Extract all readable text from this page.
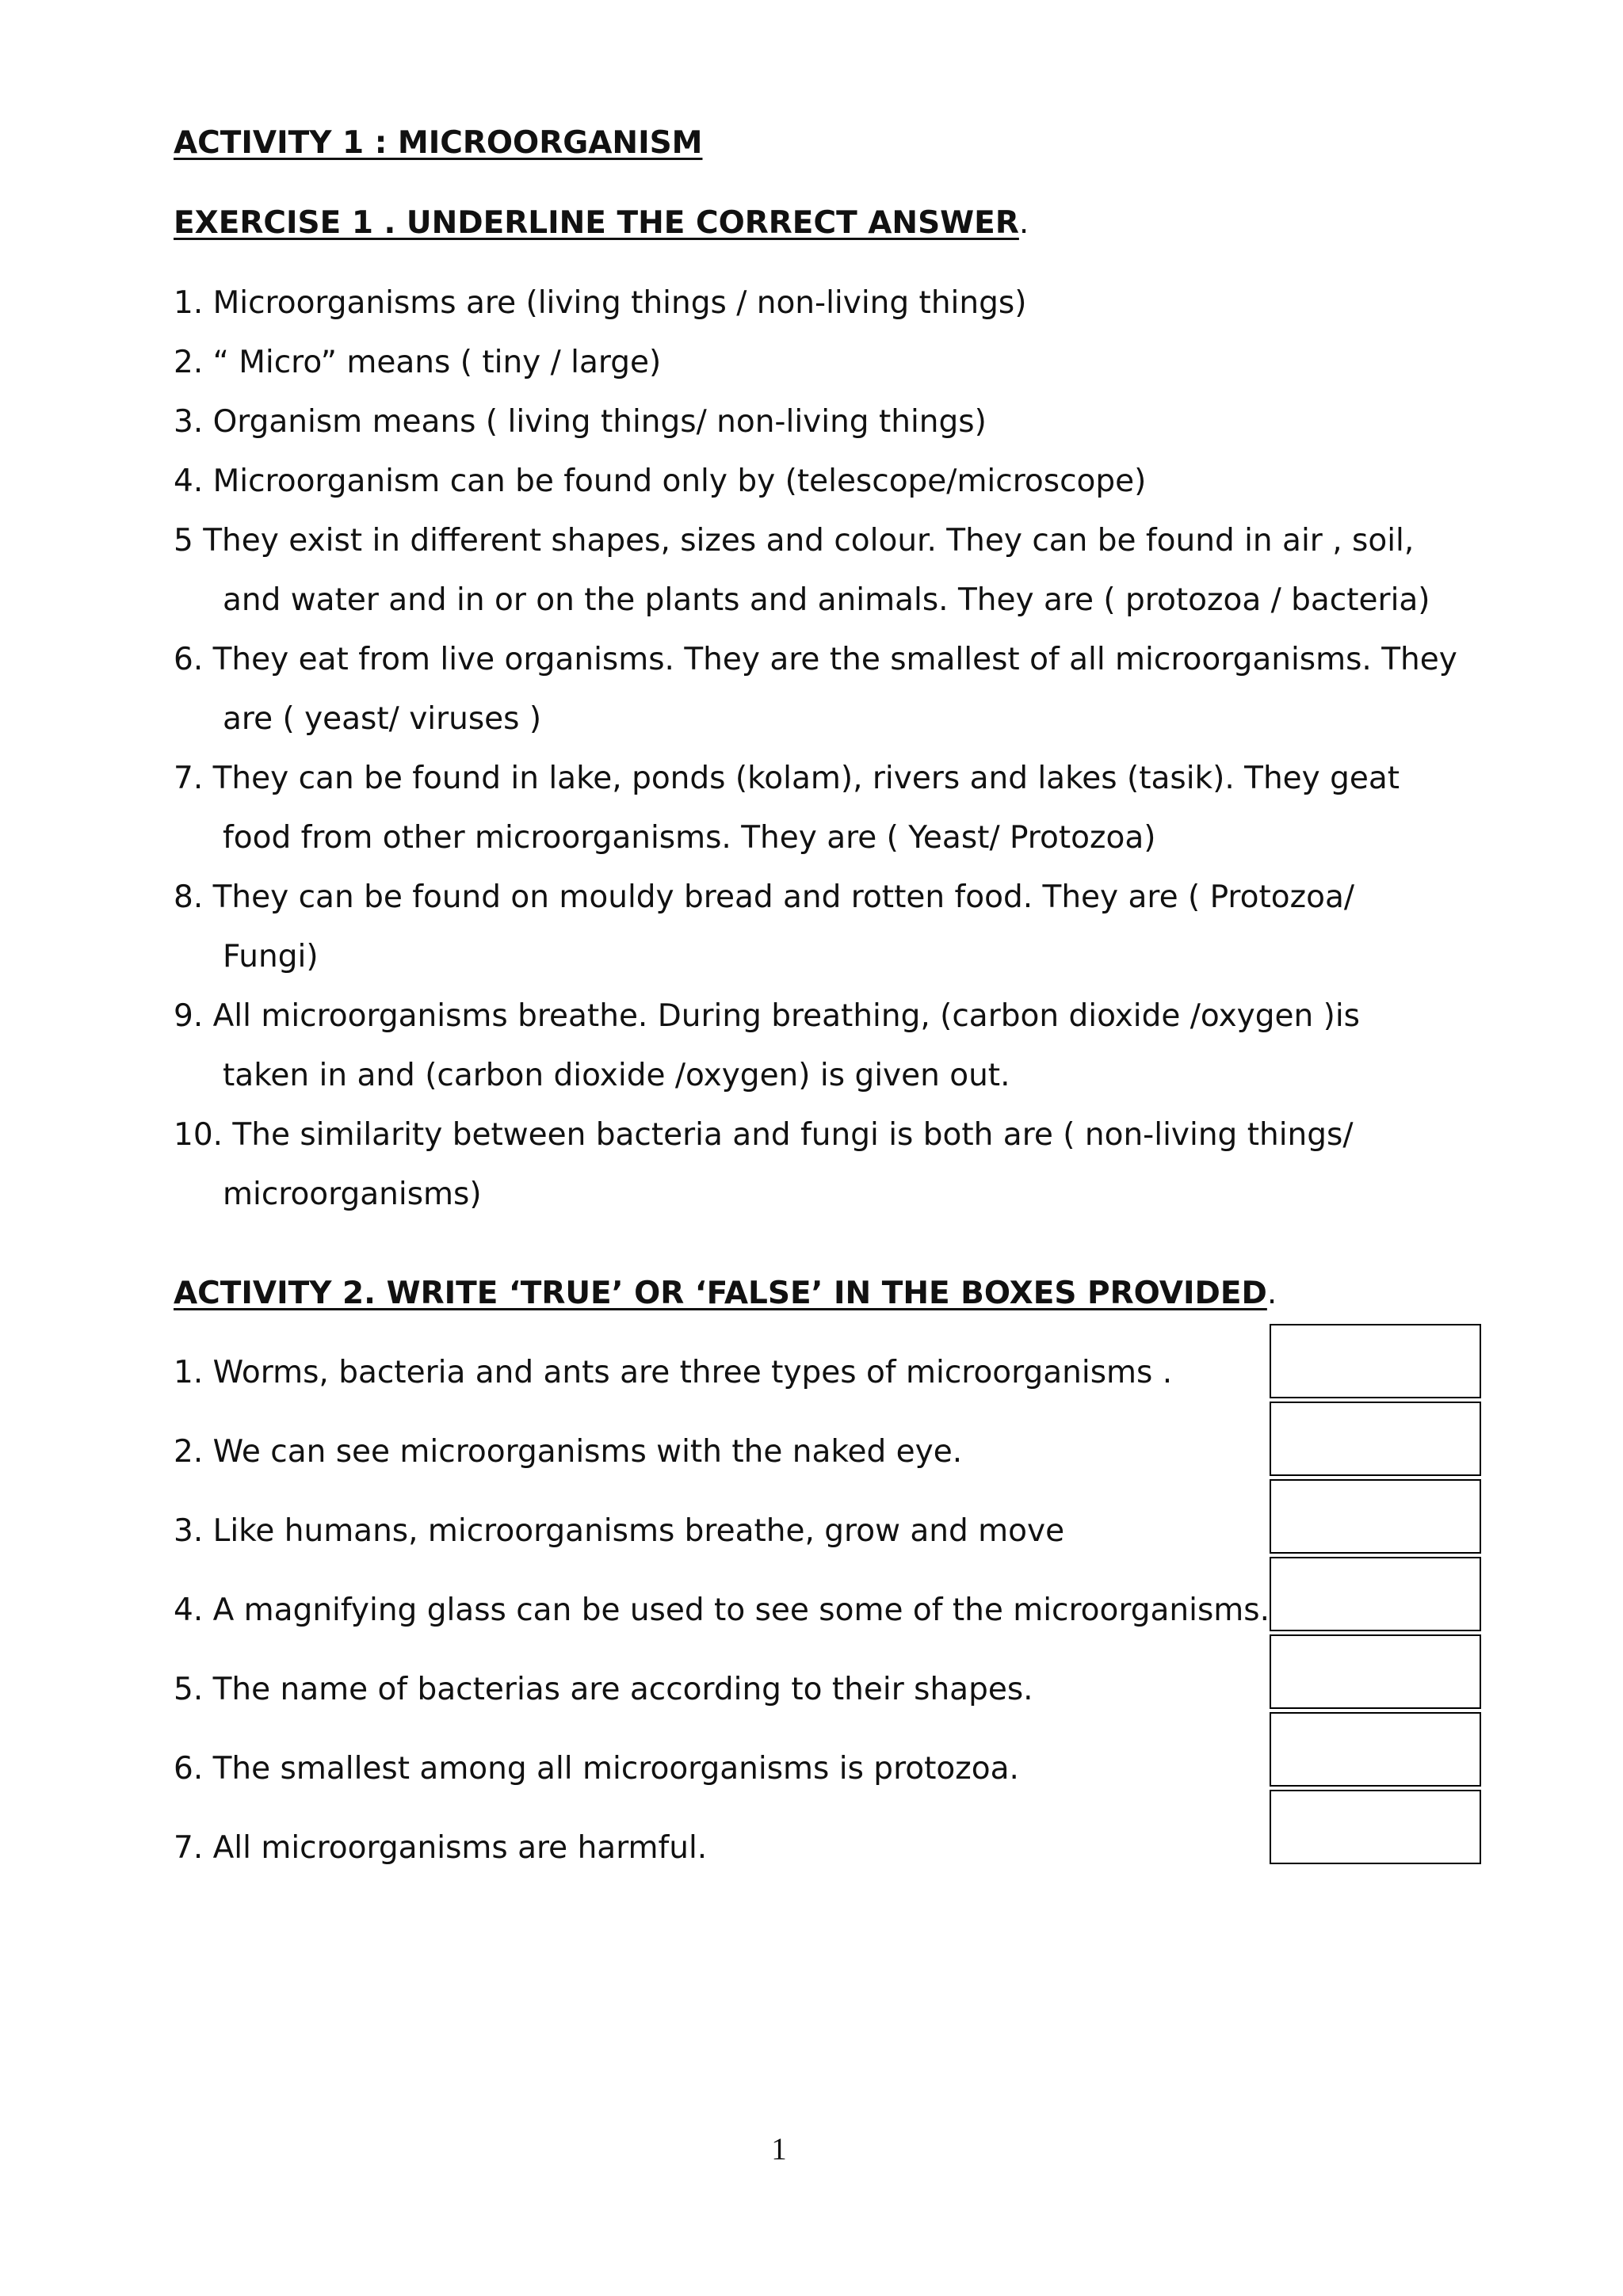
ACTIVITY 1 : MICROORGANISM
EXERCISE 1 . UNDERLINE THE CORRECT ANSWER.
1. Microorganisms are (living things / non-living things)
2. “ Micro” means ( tiny / large)
3. Organism means ( living things/ non-living things)
4. Microorganism can be found only by (telescope/microscope)
5 They exist in different shapes, sizes and colour. They can be found in air , soil,
and water and in or on the plants and animals. They are ( protozoa / bacteria)
6. They eat from live organisms. They are the smallest of all microorganisms. They
are ( yeast/ viruses )
7. They can be found in lake, ponds (kolam), rivers and lakes (tasik). They geat
food from other microorganisms. They are ( Yeast/ Protozoa)
8. They can be found on mouldy bread and rotten food. They are ( Protozoa/
Fungi)
9. All microorganisms breathe. During breathing, (carbon dioxide /oxygen )is
taken in and (carbon dioxide /oxygen) is given out.
10. The similarity between bacteria and fungi is both are ( non-living things/
microorganisms)
ACTIVITY 2. WRITE ‘TRUE’ OR ‘FALSE’ IN THE BOXES PROVIDED.
1. Worms, bacteria and ants are three types of microorganisms .
2. We can see microorganisms with the naked eye.
3. Like humans, microorganisms breathe, grow and move
4. A magnifying glass can be used to see some of the microorganisms.
5. The name of bacterias are according to their shapes.
6. The smallest among all microorganisms is protozoa.
7. All microorganisms are harmful.
1
